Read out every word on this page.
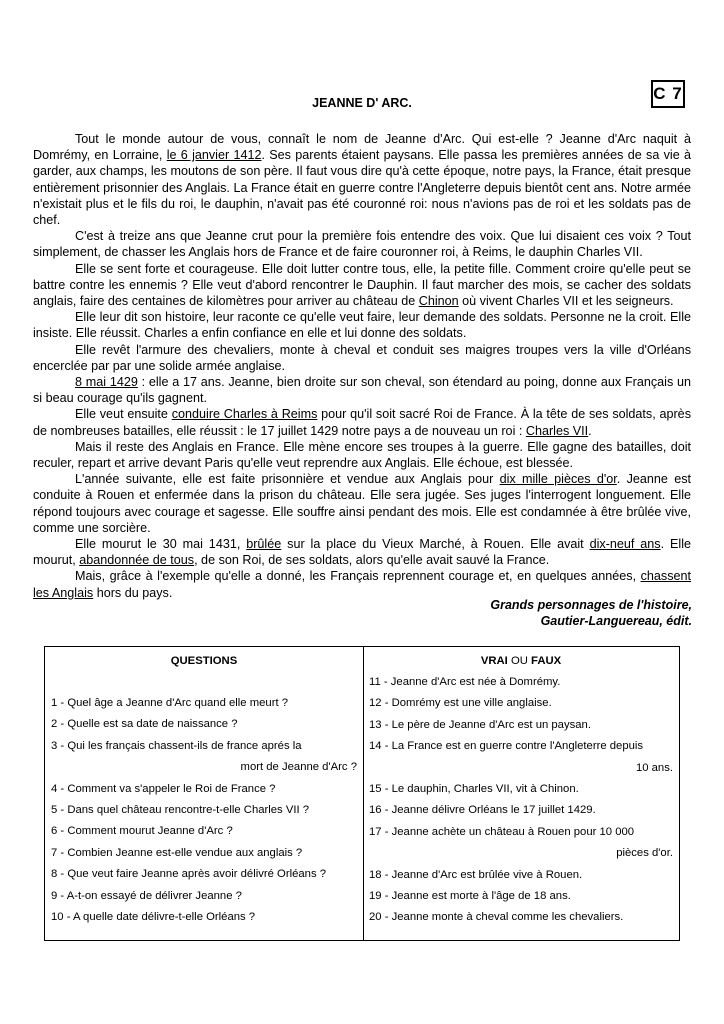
C 7
JEANNE D' ARC.

Tout le monde autour de vous, connaît le nom de Jeanne d'Arc. Qui est-elle ? Jeanne d'Arc naquit à Domrémy, en Lorraine, le 6 janvier 1412. Ses parents étaient paysans. Elle passa les premières années de sa vie à garder, aux champs, les moutons de son père. Il faut vous dire qu'à cette époque, notre pays, la France, était presque entièrement prisonnier des Anglais. La France était en guerre contre l'Angleterre depuis bientôt cent ans. Notre armée n'existait plus et le fils du roi, le dauphin, n'avait pas été couronné roi: nous n'avions pas de roi et les soldats pas de chef.

C'est à treize ans que Jeanne crut pour la première fois entendre des voix. Que lui disaient ces voix ? Tout simplement, de chasser les Anglais hors de France et de faire couronner roi, à Reims, le dauphin Charles VII.

Elle se sent forte et courageuse. Elle doit lutter contre tous, elle, la petite fille. Comment croire qu'elle peut se battre contre les ennemis ? Elle veut d'abord rencontrer le Dauphin. Il faut marcher des mois, se cacher des soldats anglais, faire des centaines de kilomètres pour arriver au château de Chinon où vivent Charles VII et les seigneurs.

Elle leur dit son histoire, leur raconte ce qu'elle veut faire, leur demande des soldats. Personne ne la croit. Elle insiste. Elle réussit. Charles a enfin confiance en elle et lui donne des soldats.

Elle revêt l'armure des chevaliers, monte à cheval et conduit ses maigres troupes vers la ville d'Orléans encerclée par par une solide armée anglaise.

8 mai 1429 : elle a 17 ans. Jeanne, bien droite sur son cheval, son étendard au poing, donne aux Français un si beau courage qu'ils gagnent.

Elle veut ensuite conduire Charles à Reims pour qu'il soit sacré Roi de France. À la tête de ses soldats, après de nombreuses batailles, elle réussit : le 17 juillet 1429 notre pays a de nouveau un roi : Charles VII.

Mais il reste des Anglais en France. Elle mène encore ses troupes à la guerre. Elle gagne des batailles, doit reculer, repart et arrive devant Paris qu'elle veut reprendre aux Anglais. Elle échoue, est blessée.

L'année suivante, elle est faite prisonnière et vendue aux Anglais pour dix mille pièces d'or. Jeanne est conduite à Rouen et enfermée dans la prison du château. Elle sera jugée. Ses juges l'interrogent longuement. Elle répond toujours avec courage et sagesse. Elle souffre ainsi pendant des mois. Elle est condamnée à être brûlée vive, comme une sorcière.

Elle mourut le 30 mai 1431, brûlée sur la place du Vieux Marché, à Rouen. Elle avait dix-neuf ans. Elle mourut, abandonnée de tous, de son Roi, de ses soldats, alors qu'elle avait sauvé la France.

Mais, grâce à l'exemple qu'elle a donné, les Français reprennent courage et, en quelques années, chassent les Anglais hors du pays.

Grands personnages de l'histoire,
Gautier-Languereau, édit.
QUESTIONS
1 - Quel âge a Jeanne d'Arc quand elle meurt ?
2 - Quelle est sa date de naissance ?
3 - Qui les français chassent-ils de france aprés la
mort de Jeanne d'Arc ?
4 - Comment va s'appeler le Roi de France ?
5 - Dans quel château rencontre-t-elle Charles VII ?
6 - Comment mourut Jeanne d'Arc ?
7 - Combien Jeanne est-elle vendue aux anglais ?
8 - Que veut faire Jeanne après avoir délivré Orléans ?
9 - A-t-on essayé de délivrer Jeanne ?
10 - A quelle date délivre-t-elle Orléans ?
VRAI OU FAUX
11 - Jeanne d'Arc est née à Domrémy.
12 - Domrémy est une ville anglaise.
13 - Le père de Jeanne d'Arc est un paysan.
14 - La France est en guerre contre l'Angleterre depuis
10 ans.
15 - Le dauphin, Charles VII, vit à Chinon.
16 - Jeanne délivre Orléans le 17 juillet 1429.
17 - Jeanne achète un château à Rouen pour 10 000
pièces d'or.
18 - Jeanne d'Arc est brûlée vive à Rouen.
19 - Jeanne est morte à l'âge de 18 ans.
20 - Jeanne monte à cheval comme les chevaliers.
